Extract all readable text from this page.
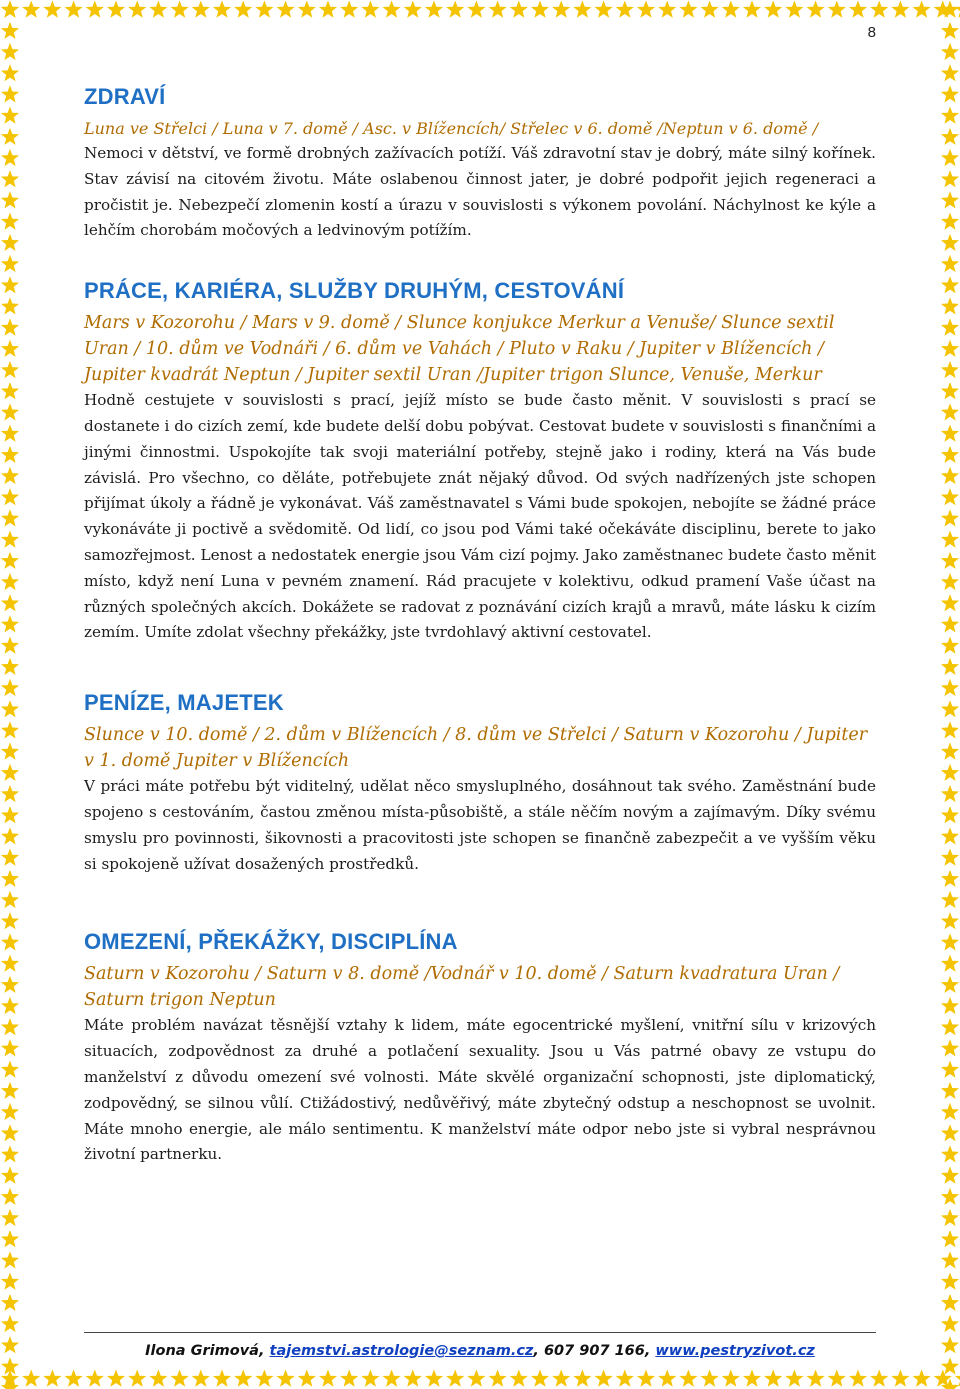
8
ZDRAVÍ

Luna ve Střelci / Luna v 7. domě / Asc. v Blížencích/ Střelec v 6. domě /Neptun v 6. domě /

Nemoci v dětství, ve formě drobných zažívacích potíží. Váš zdravotní stav je dobrý, máte silný kořínek. Stav závisí na citovém životu. Máte oslabenou činnost jater, je dobré podpořit jejich regeneraci a pročistit je. Nebezpečí zlomenin kostí a úrazu v souvislosti s výkonem povolání. Náchylnost ke kýle a lehčím chorobám močových a ledvinovým potížím.

PRÁCE, KARIÉRA, SLUŽBY DRUHÝM, CESTOVÁNÍ

Mars v Kozorohu / Mars v 9. domě / Slunce konjukce Merkur a Venuše/ Slunce sextil Uran / 10. dům ve Vodnáři / 6. dům ve Vahách / Pluto v Raku / Jupiter v Blížencích / Jupiter kvadrát Neptun / Jupiter sextil Uran /Jupiter trigon Slunce, Venuše, Merkur

Hodně cestujete v souvislosti s prací, jejíž místo se bude často měnit. V souvislosti s prací se dostanete i do cizích zemí, kde budete delší dobu pobývat. Cestovat budete v souvislosti s finančními a jinými činnostmi. Uspokojíte tak svoji materiální potřeby, stejně jako i rodiny, která na Vás bude závislá. Pro všechno, co děláte, potřebujete znát nějaký důvod. Od svých nadřízených jste schopen přijímat úkoly a řádně je vykonávat. Váš zaměstnavatel s Vámi bude spokojen, nebojíte se žádné práce vykonáváte ji poctivě a svědomitě. Od lidí, co jsou pod Vámi také očekáváte disciplinu, berete to jako samozřejmost. Lenost a nedostatek energie jsou Vám cizí pojmy. Jako zaměstnanec budete často měnit místo, když není Luna v pevném znamení. Rád pracujete v kolektivu, odkud pramení Vaše účast na různých společných akcích. Dokážete se radovat z poznávání cizích krajů a mravů, máte lásku k cizím zemím. Umíte zdolat všechny překážky, jste tvrdohlavý aktivní cestovatel.

PENÍZE, MAJETEK

Slunce v 10. domě / 2. dům v Blížencích / 8. dům ve Střelci / Saturn v Kozorohu / Jupiter v 1. domě Jupiter v Blížencích

V práci máte potřebu být viditelný, udělat něco smysluplného, dosáhnout tak svého. Zaměstnání bude spojeno s cestováním, častou změnou místa-působiště, a stále něčím novým a zajímavým. Díky svému smyslu pro povinnosti, šikovnosti a pracovitosti jste schopen se finančně zabezpečit a ve vyšším věku si spokojeně užívat dosažených prostředků.

OMEZENÍ, PŘEKÁŽKY, DISCIPLÍNA

Saturn v Kozorohu / Saturn v 8. domě /Vodnář v 10. domě / Saturn kvadratura Uran / Saturn trigon Neptun

Máte problém navázat těsnější vztahy k lidem, máte egocentrické myšlení, vnitřní sílu v krizových situacích, zodpovědnost za druhé a potlačení sexuality. Jsou u Vás patrné obavy ze vstupu do manželství z důvodu omezení své volnosti. Máte skvělé organizační schopnosti, jste diplomatický, zodpovědný, se silnou vůlí. Ctižádostivý, nedůvěřivý, máte zbytečný odstup a neschopnost se uvolnit. Máte mnoho energie, ale málo sentimentu. K manželství máte odpor nebo jste si vybral nesprávnou životní partnerku.

Ilona Grimová, tajemstvi.astrologie@seznam.cz, 607 907 166, www.pestryzivot.cz
